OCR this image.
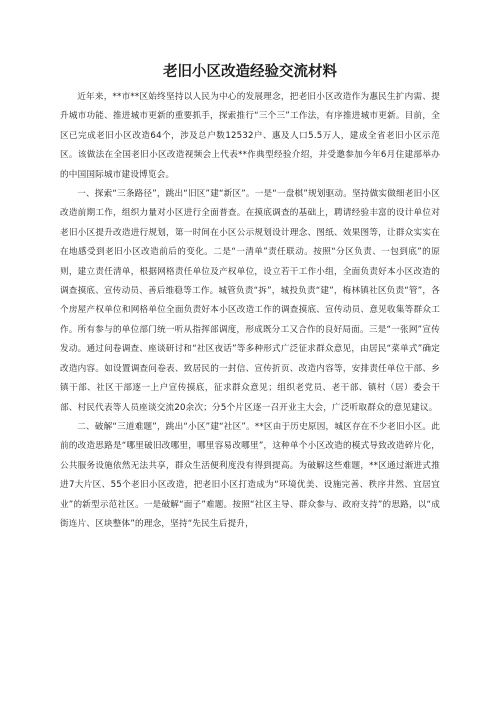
老旧小区改造经验交流材料

近年来，**市**区始终坚持以人民为中心的发展理念，把老旧小区改造作为惠民生扩内需、提升城市功能、推进城市更新的重要抓手，探索推行“三个三”工作法，有序推进城市更新。目前，全区已完成老旧小区改造64个，涉及总户数12532户、惠及人口5.5万人，建成全省老旧小区示范区。该做法在全国老旧小区改造视频会上代表**作典型经验介绍，并受邀参加今年6月住建部举办的中国国际城市建设博览会。

一、探索“三条路径”，跳出“旧区”建“新区”。一是“一盘棋”规划驱动。坚持做实做细老旧小区改造前期工作，组织力量对小区进行全面普查。在摸底调查的基础上，聘请经验丰富的设计单位对老旧小区提升改造进行规划，第一时间在小区公示规划设计理念、图纸、效果图等，让群众实实在在地感受到老旧小区改造前后的变化。二是“一清单”责任联动。按照“分区负责、一包到底”的原则，建立责任清单，根据网格责任单位及产权单位，设立若干工作小组，全面负责好本小区改造的调查摸底、宣传动员、善后维稳等工作。城管负责“拆”，城投负责“建”，梅林镇社区负责“管”，各个房屋产权单位和网格单位全面负责好本小区改造工作的调查摸底、宣传动员、意见收集等群众工作。所有参与的单位部门统一听从指挥部调度，形成既分工又合作的良好局面。三是“一张网”宣传发动。通过问卷调查、座谈研讨和“社区夜话”等多种形式广泛征求群众意见，由居民“菜单式”确定改造内容。如设置调查问卷表、致居民的一封信、宣传折页、改造内容等，安排责任单位干部、乡镇干部、社区干部逐一上户宣传摸底，征求群众意见；组织老党员、老干部、镇村（居）委会干部、村民代表等人员座谈交流20余次；分5个片区逐一召开业主大会，广泛听取群众的意见建议。

二、破解“三道难题”，跳出“小区”建“社区”。**区由于历史原因，城区存在不少老旧小区。此前的改造思路是“哪里破旧改哪里，哪里容易改哪里”，这种单个小区改造的模式导致改造碎片化，公共服务设施依然无法共享，群众生活便利度没有得到提高。为破解这些难题，**区通过渐进式推进7大片区、55个老旧小区改造，把老旧小区打造成为“环境优美、设施完善、秩序井然、宜居宜业”的新型示范社区。一是破解“面子”难题。按照“社区主导、群众参与、政府支持”的思路，以“成街连片、区块整体”的理念，坚持“先民生后提升，
